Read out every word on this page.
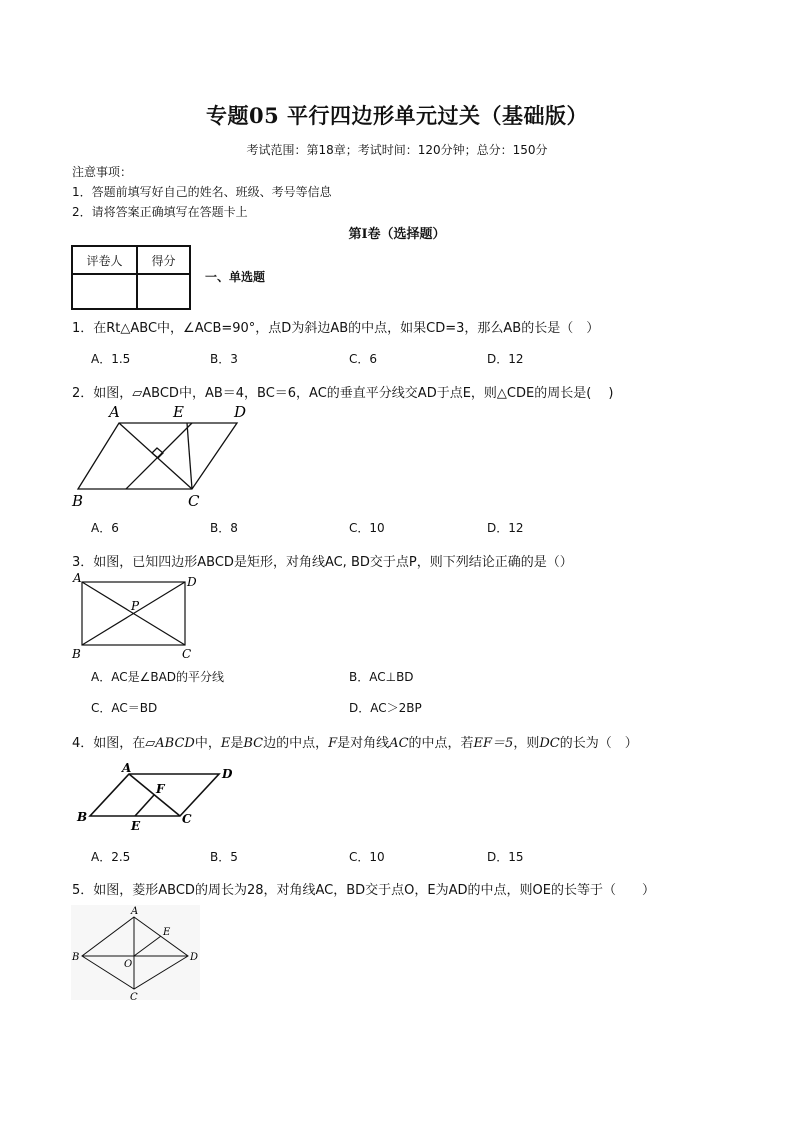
专题05 平行四边形单元过关（基础版）
考试范围：第18章；考试时间：120分钟；总分：150分
注意事项：
1．答题前填写好自己的姓名、班级、考号等信息
2．请将答案正确填写在答题卡上
第I卷（选择题）
评卷人	得分

一、单选题
1．在Rt△ABC中，∠ACB=90°，点D为斜边AB的中点，如果CD=3，那么AB的长是（　）
A．1.5	B．3	C．6	D．12
2．如图，▱ABCD中，AB＝4，BC＝6，AC的垂直平分线交AD于点E，则△CDE的周长是(　 )
A	E	D
B	C
A．6	B．8	C．10	D．12
3．如图，已知四边形ABCD是矩形，对角线AC, BD交于点P，则下列结论正确的是（）
A	D
P
B	C
A．AC是∠BAD的平分线	B．AC⊥BD
C．AC＝BD	D．AC＞2BP
4．如图，在▱ABCD中，E是BC边的中点，F是对角线AC的中点，若EF＝5，则DC的长为（　）
A	D
F
B
E	C
A．2.5	B．5	C．10	D．15
5．如图，菱形ABCD的周长为28，对角线AC，BD交于点O，E为AD的中点，则OE的长等于（　　）
A
E
B
O
D
C
